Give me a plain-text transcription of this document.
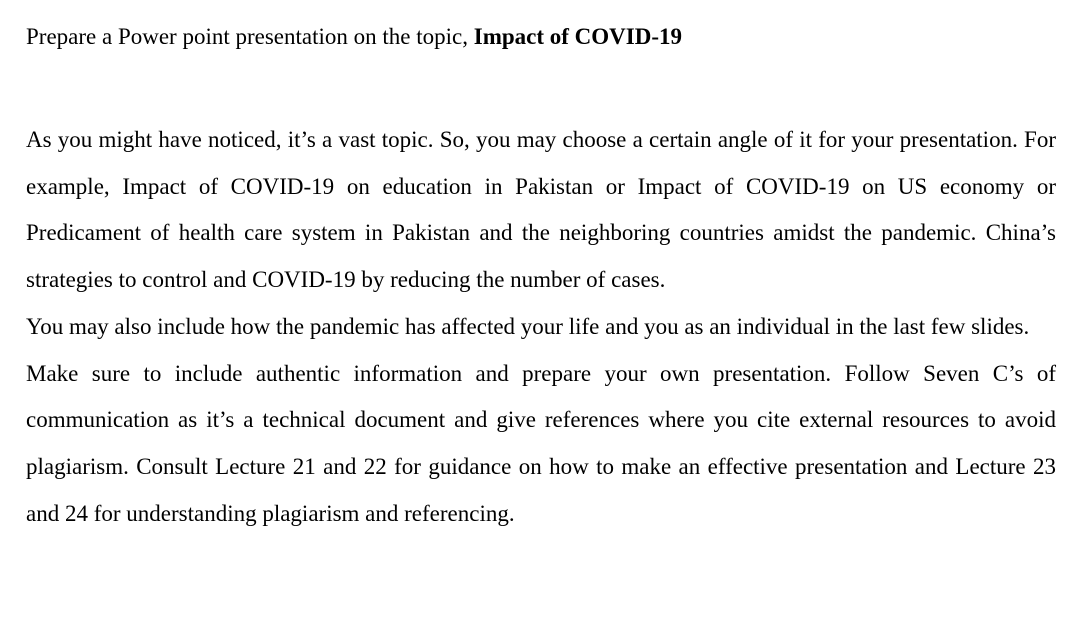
Prepare a Power point presentation on the topic, Impact of COVID-19

As you might have noticed, it’s a vast topic. So, you may choose a certain angle of it for your presentation. For example, Impact of COVID-19 on education in Pakistan or Impact of COVID-19 on US economy or Predicament of health care system in Pakistan and the neighboring countries amidst the pandemic. China’s strategies to control and COVID-19 by reducing the number of cases.

You may also include how the pandemic has affected your life and you as an individual in the last few slides.

Make sure to include authentic information and prepare your own presentation. Follow Seven C’s of communication as it’s a technical document and give references where you cite external resources to avoid plagiarism. Consult Lecture 21 and 22 for guidance on how to make an effective presentation and Lecture 23 and 24 for understanding plagiarism and referencing.
